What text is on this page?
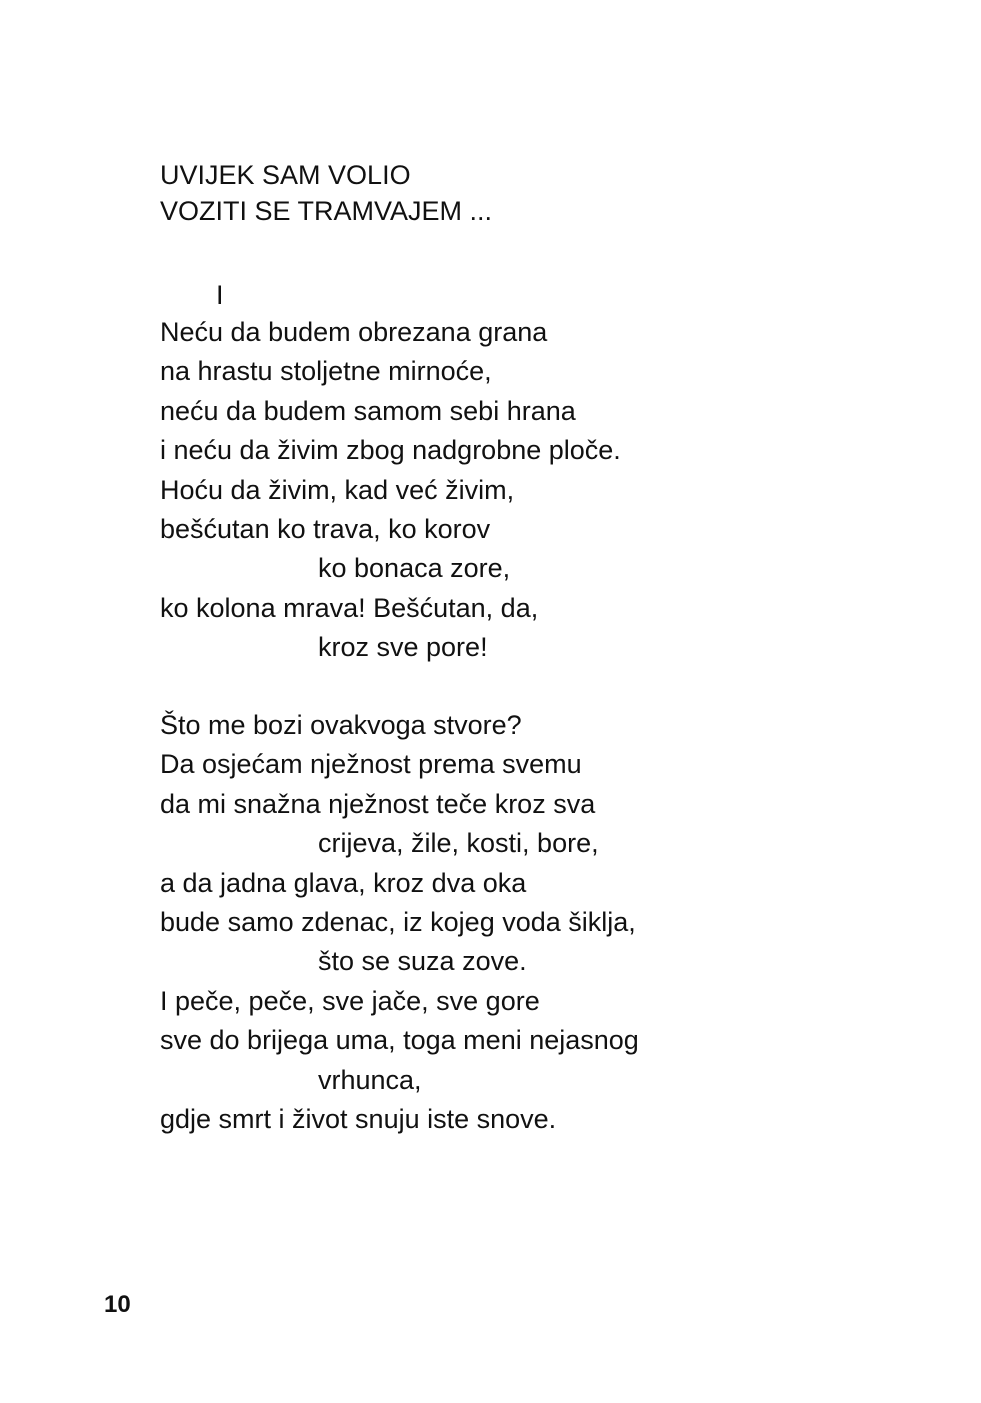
UVIJEK SAM VOLIO
VOZITI SE TRAMVAJEM ...
I
Neću da budem obrezana grana
na hrastu stoljetne mirnoće,
neću da budem samom sebi hrana
i neću da živim zbog nadgrobne ploče.
Hoću da živim, kad već živim,
bešćutan ko trava, ko korov
ko bonaca zore,
ko kolona mrava! Bešćutan, da,
kroz sve pore!
Što me bozi ovakvoga stvore?
Da osjećam nježnost prema svemu
da mi snažna nježnost teče kroz sva
crijeva, žile, kosti, bore,
a da jadna glava, kroz dva oka
bude samo zdenac, iz kojeg voda šiklja,
što se suza zove.
I peče, peče, sve jače, sve gore
sve do brijega uma, toga meni nejasnog
vrhunca,
gdje smrt i život snuju iste snove.
10
